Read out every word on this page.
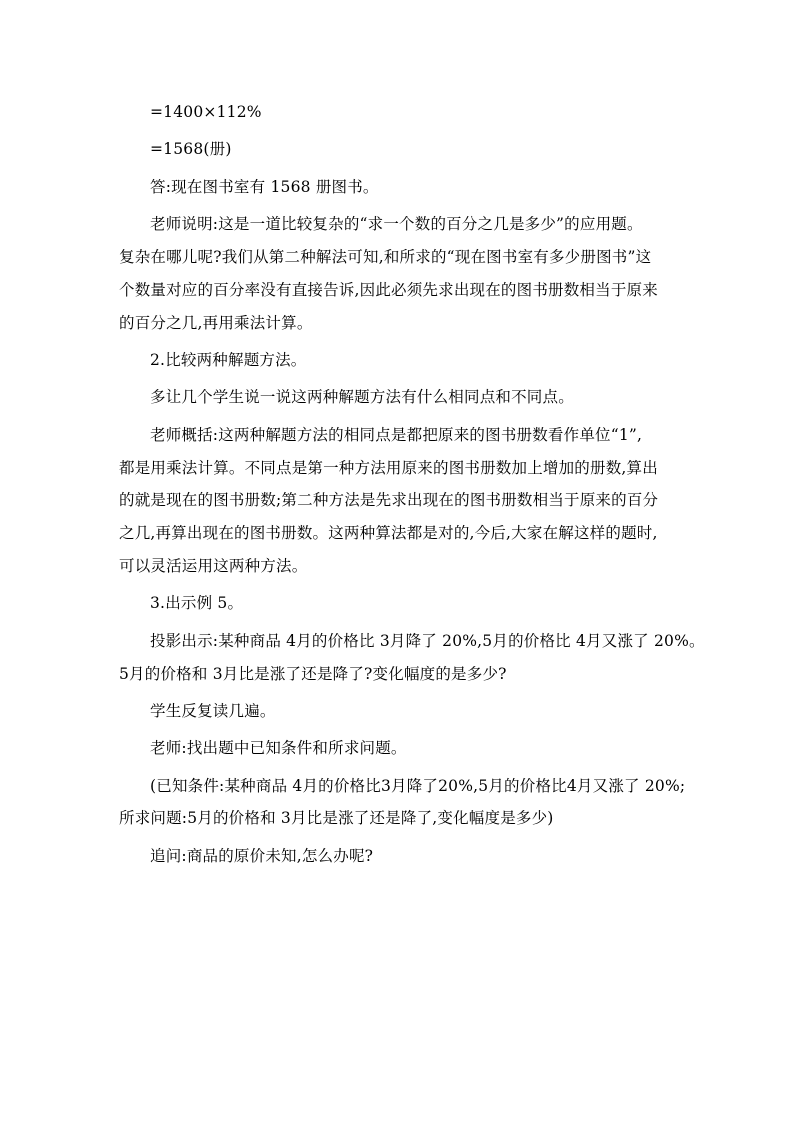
=1400×112%

=1568(册)

答:现在图书室有 1568 册图书。

老师说明:这是一道比较复杂的“求一个数的百分之几是多少”的应用题。
复杂在哪儿呢?我们从第二种解法可知,和所求的“现在图书室有多少册图书”这
个数量对应的百分率没有直接告诉,因此必须先求出现在的图书册数相当于原来
的百分之几,再用乘法计算。

2.比较两种解题方法。

多让几个学生说一说这两种解题方法有什么相同点和不同点。

老师概括:这两种解题方法的相同点是都把原来的图书册数看作单位“1”,
都是用乘法计算。不同点是第一种方法用原来的图书册数加上增加的册数,算出
的就是现在的图书册数;第二种方法是先求出现在的图书册数相当于原来的百分
之几,再算出现在的图书册数。这两种算法都是对的,今后,大家在解这样的题时,
可以灵活运用这两种方法。

3.出示例 5。

投影出示:某种商品 4月的价格比 3月降了 20%,5月的价格比 4月又涨了 20%。
5月的价格和 3月比是涨了还是降了?变化幅度的是多少?

学生反复读几遍。

老师:找出题中已知条件和所求问题。

(已知条件:某种商品 4月的价格比3月降了20%,5月的价格比4月又涨了 20%;
所求问题:5月的价格和 3月比是涨了还是降了,变化幅度是多少)

追问:商品的原价未知,怎么办呢?
